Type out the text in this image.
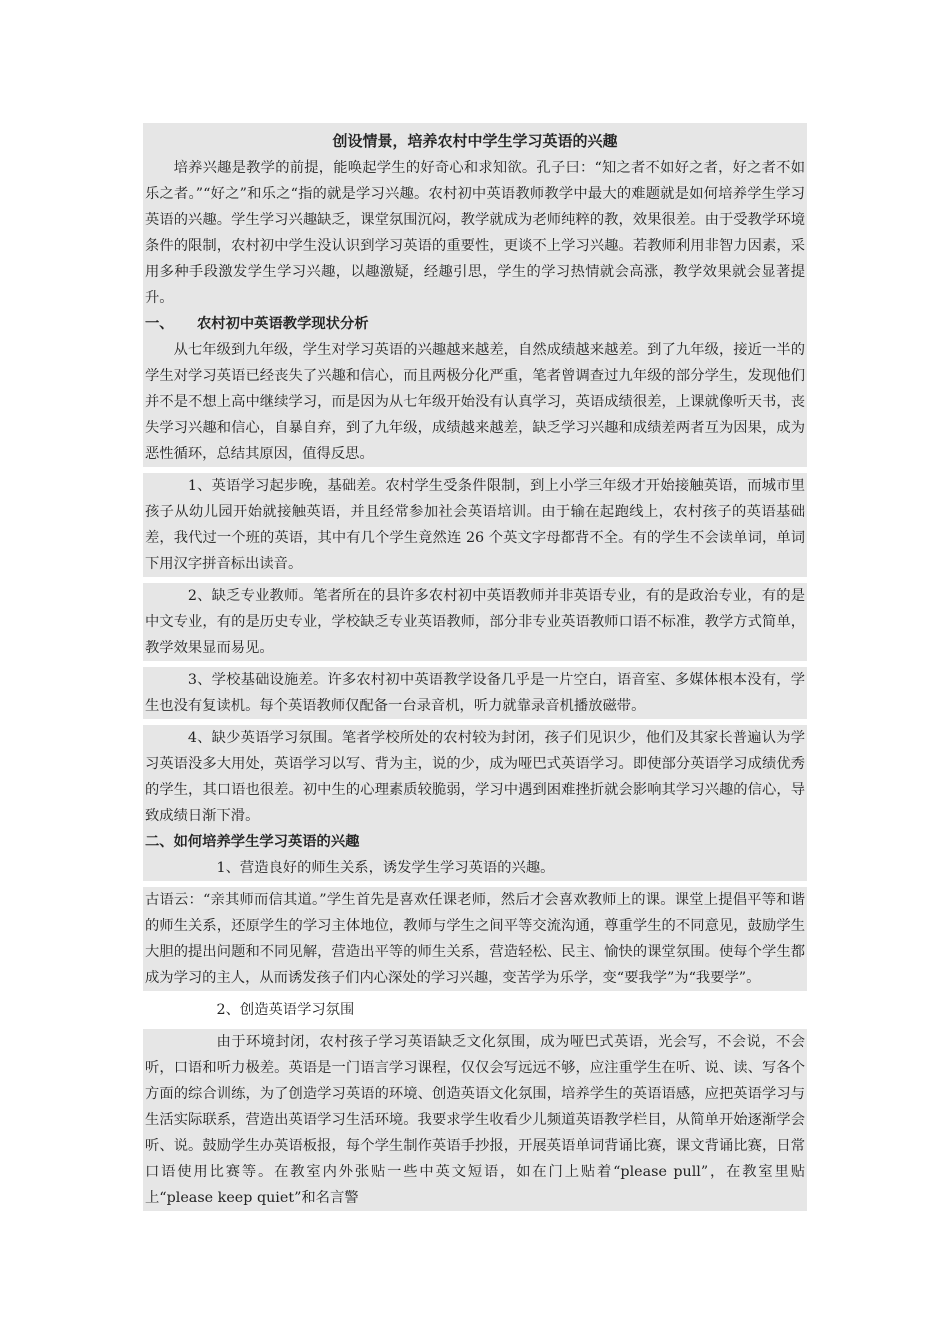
创设情景，培养农村中学生学习英语的兴趣
培养兴趣是教学的前提，能唤起学生的好奇心和求知欲。孔子曰：“知之者不如好之者，好之者不如乐之者。”“好之”和乐之“指的就是学习兴趣。农村初中英语教师教学中最大的难题就是如何培养学生学习英语的兴趣。学生学习兴趣缺乏，课堂氛围沉闷，教学就成为老师纯粹的教，效果很差。由于受教学环境条件的限制，农村初中学生没认识到学习英语的重要性，更谈不上学习兴趣。若教师利用非智力因素，采用多种手段激发学生学习兴趣，以趣激疑，经趣引思，学生的学习热情就会高涨，教学效果就会显著提升。
一、 农村初中英语教学现状分析
从七年级到九年级，学生对学习英语的兴趣越来越差，自然成绩越来越差。到了九年级，接近一半的学生对学习英语已经丧失了兴趣和信心，而且两极分化严重，笔者曾调查过九年级的部分学生，发现他们并不是不想上高中继续学习，而是因为从七年级开始没有认真学习，英语成绩很差，上课就像听天书，丧失学习兴趣和信心，自暴自弃，到了九年级，成绩越来越差，缺乏学习兴趣和成绩差两者互为因果，成为恶性循环，总结其原因，值得反思。
1、英语学习起步晚，基础差。农村学生受条件限制，到上小学三年级才开始接触英语，而城市里孩子从幼儿园开始就接触英语，并且经常参加社会英语培训。由于输在起跑线上，农村孩子的英语基础差，我代过一个班的英语，其中有几个学生竟然连 26 个英文字母都背不全。有的学生不会读单词，单词下用汉字拼音标出读音。
2、缺乏专业教师。笔者所在的县许多农村初中英语教师并非英语专业，有的是政治专业，有的是中文专业，有的是历史专业，学校缺乏专业英语教师，部分非专业英语教师口语不标准，教学方式简单，教学效果显而易见。
3、学校基础设施差。许多农村初中英语教学设备几乎是一片空白，语音室、多媒体根本没有，学生也没有复读机。每个英语教师仅配备一台录音机，听力就靠录音机播放磁带。
4、缺少英语学习氛围。笔者学校所处的农村较为封闭，孩子们见识少，他们及其家长普遍认为学习英语没多大用处，英语学习以写、背为主，说的少，成为哑巴式英语学习。即使部分英语学习成绩优秀的学生，其口语也很差。初中生的心理素质较脆弱，学习中遇到困难挫折就会影响其学习兴趣的信心，导致成绩日渐下滑。
二、如何培养学生学习英语的兴趣
1、营造良好的师生关系，诱发学生学习英语的兴趣。
古语云：“亲其师而信其道。”学生首先是喜欢任课老师，然后才会喜欢教师上的课。课堂上提倡平等和谐的师生关系，还原学生的学习主体地位，教师与学生之间平等交流沟通，尊重学生的不同意见，鼓励学生大胆的提出问题和不同见解，营造出平等的师生关系，营造轻松、民主、愉快的课堂氛围。使每个学生都成为学习的主人，从而诱发孩子们内心深处的学习兴趣，变苦学为乐学，变“要我学”为“我要学”。
2、创造英语学习氛围
由于环境封闭，农村孩子学习英语缺乏文化氛围，成为哑巴式英语，光会写，不会说，不会听，口语和听力极差。英语是一门语言学习课程，仅仅会写远远不够，应注重学生在听、说、读、写各个方面的综合训练，为了创造学习英语的环境、创造英语文化氛围，培养学生的英语语感，应把英语学习与生活实际联系，营造出英语学习生活环境。我要求学生收看少儿频道英语教学栏目，从简单开始逐渐学会听、说。鼓励学生办英语板报，每个学生制作英语手抄报，开展英语单词背诵比赛，课文背诵比赛，日常口语使用比赛等。在教室内外张贴一些中英文短语，如在门上贴着“please pull”，在教室里贴上“please keep quiet”和名言警
